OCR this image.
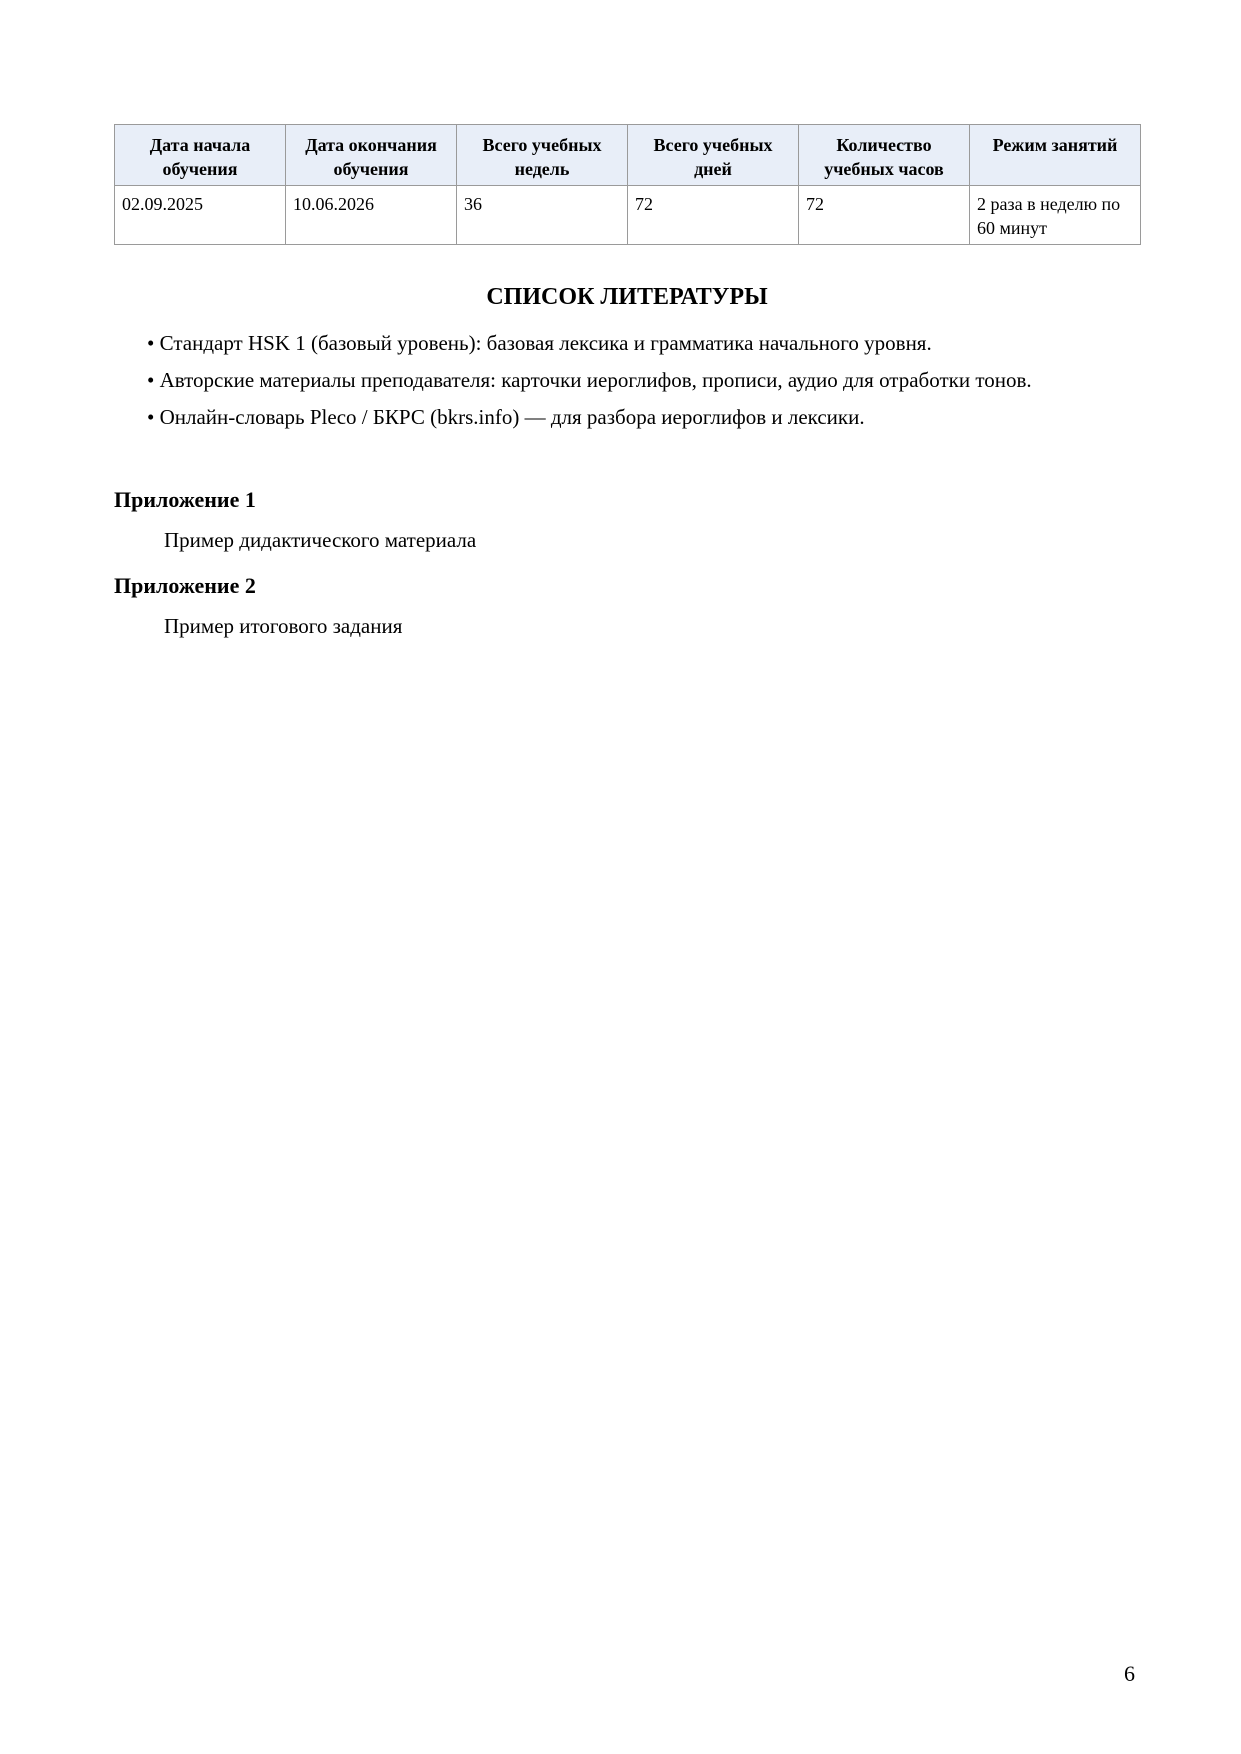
Дата начала обучения	Дата окончания обучения	Всего учебных недель	Всего учебных дней	Количество учебных часов	Режим занятий
02.09.2025	10.06.2026	36	72	72	2 раза в неделю по 60 минут
СПИСОК ЛИТЕРАТУРЫ
• Стандарт HSK 1 (базовый уровень): базовая лексика и грамматика начального уровня.
• Авторские материалы преподавателя: карточки иероглифов, прописи, аудио для отработки тонов.
• Онлайн-словарь Pleco / БКРС (bkrs.info) — для разбора иероглифов и лексики.
Приложение 1

Пример дидактического материала

Приложение 2

Пример итогового задания

6
